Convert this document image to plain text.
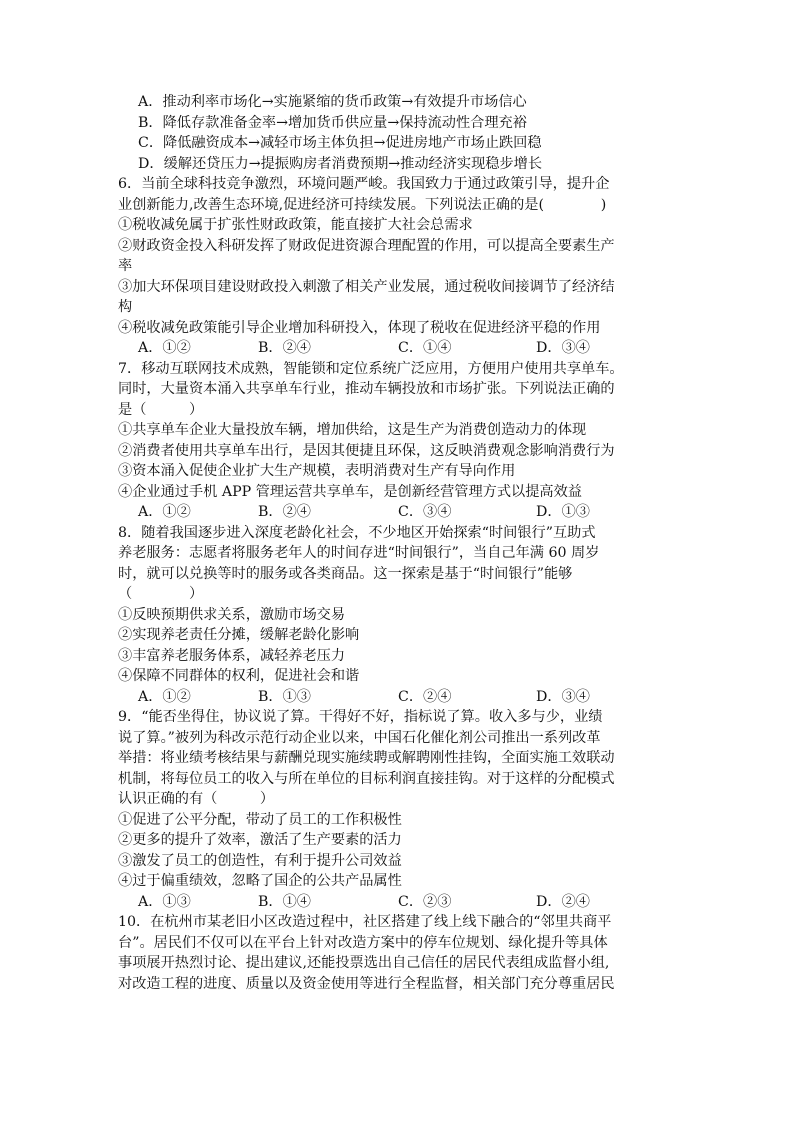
A．推动利率市场化→实施紧缩的货币政策→有效提升市场信心
B．降低存款准备金率→增加货币供应量→保持流动性合理充裕
C．降低融资成本→减轻市场主体负担→促进房地产市场止跌回稳
D．缓解还贷压力→提振购房者消费预期→推动经济实现稳步增长
6．当前全球科技竞争激烈，环境问题严峻。我国致力于通过政策引导，提升企
业创新能力,改善生态环境,促进经济可持续发展。下列说法正确的是(　　　　)
①税收减免属于扩张性财政政策，能直接扩大社会总需求
②财政资金投入科研发挥了财政促进资源合理配置的作用，可以提高全要素生产
率
③加大环保项目建设财政投入刺激了相关产业发展，通过税收间接调节了经济结
构
④税收减免政策能引导企业增加科研投入，体现了税收在促进经济平稳的作用
A．①②	B．②④	C．①④	D．③④
7．移动互联网技术成熟，智能锁和定位系统广泛应用，方便用户使用共享单车。
同时，大量资本涌入共享单车行业，推动车辆投放和市场扩张。下列说法正确的
是（　　　）
①共享单车企业大量投放车辆，增加供给，这是生产为消费创造动力的体现
②消费者使用共享单车出行，是因其便捷且环保，这反映消费观念影响消费行为
③资本涌入促使企业扩大生产规模，表明消费对生产有导向作用
④企业通过手机 APP 管理运营共享单车，是创新经营管理方式以提高效益
A．①②	B．②④	C．③④	D．①③
8．随着我国逐步进入深度老龄化社会，不少地区开始探索“时间银行”互助式
养老服务：志愿者将服务老年人的时间存进“时间银行”，当自己年满 60 周岁
时，就可以兑换等时的服务或各类商品。这一探索是基于“时间银行”能够
（　　　　）
①反映预期供求关系，激励市场交易
②实现养老责任分摊，缓解老龄化影响
③丰富养老服务体系，减轻养老压力
④保障不同群体的权利，促进社会和谐
A．①②	B．①③	C．②④	D．③④
9．“能否坐得住，协议说了算。干得好不好，指标说了算。收入多与少，业绩
说了算。”被列为科改示范行动企业以来，中国石化催化剂公司推出一系列改革
举措：将业绩考核结果与薪酬兑现实施续聘或解聘刚性挂钩，全面实施工效联动
机制，将每位员工的收入与所在单位的目标利润直接挂钩。对于这样的分配模式
认识正确的有（　　　）
①促进了公平分配，带动了员工的工作积极性
②更多的提升了效率，激活了生产要素的活力
③激发了员工的创造性，有利于提升公司效益
④过于偏重绩效，忽略了国企的公共产品属性
A．①③	B．①④	C．②③	D．②④
10．在杭州市某老旧小区改造过程中，社区搭建了线上线下融合的“邻里共商平
台”。居民们不仅可以在平台上针对改造方案中的停车位规划、绿化提升等具体
事项展开热烈讨论、提出建议,还能投票选出自己信任的居民代表组成监督小组,
对改造工程的进度、质量以及资金使用等进行全程监督，相关部门充分尊重居民
